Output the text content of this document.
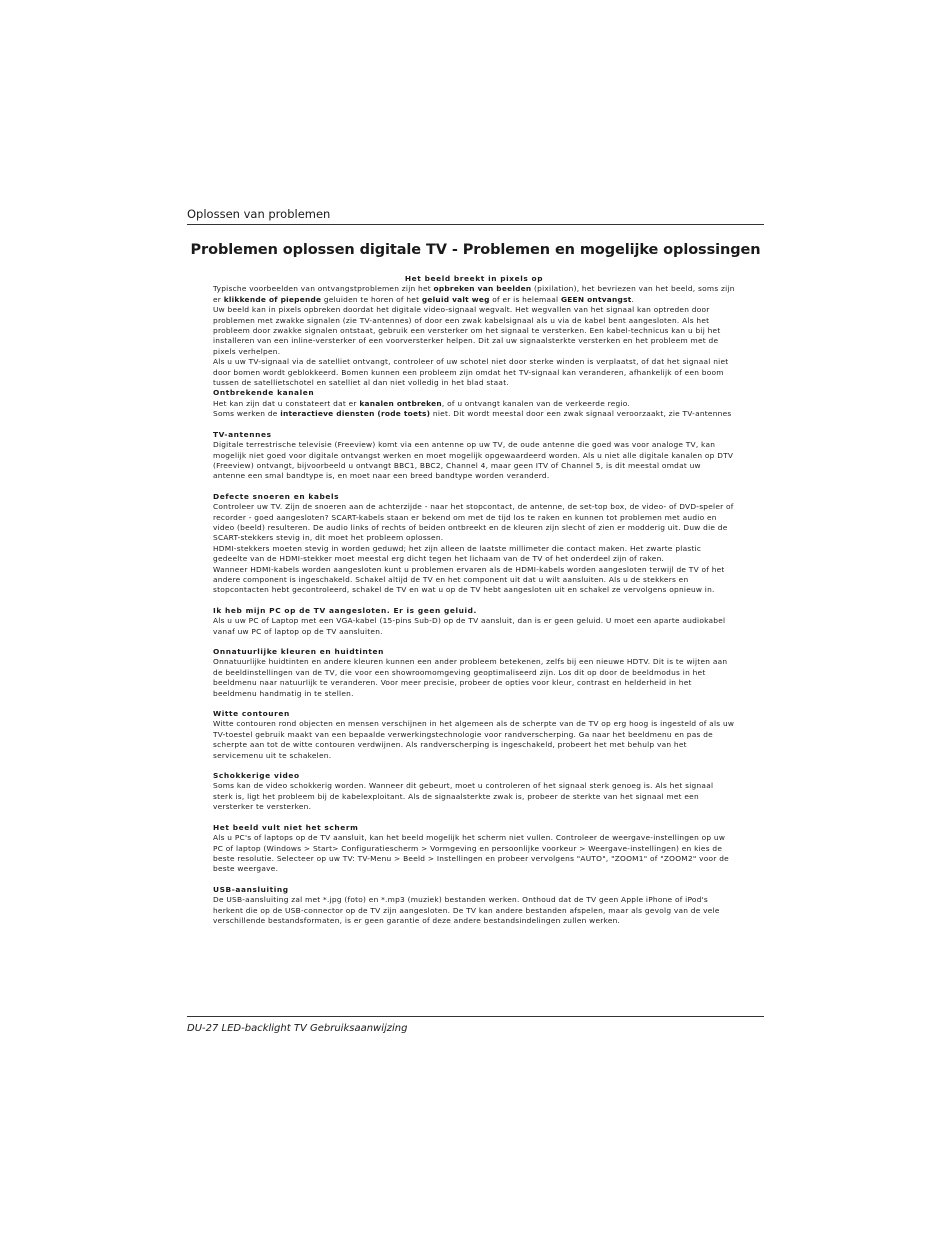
Oplossen van problemen
Problemen oplossen digitale TV - Problemen en mogelijke oplossingen
Het beeld breekt in pixels op

Typische voorbeelden van ontvangstproblemen zijn het opbreken van beelden (pixilation), het bevriezen van het beeld, soms zijn er klikkende of piepende geluiden te horen of het geluid valt weg of er is helemaal GEEN ontvangst.

Uw beeld kan in pixels opbreken doordat het digitale video-signaal wegvalt. Het wegvallen van het signaal kan optreden door problemen met zwakke signalen (zie TV-antennes) of door een zwak kabelsignaal als u via de kabel bent aangesloten. Als het probleem door zwakke signalen ontstaat, gebruik een versterker om het signaal te versterken. Een kabel-technicus kan u bij het installeren van een inline-versterker of een voorversterker helpen. Dit zal uw signaalsterkte versterken en het probleem met de pixels verhelpen.

Als u uw TV-signaal via de satelliet ontvangt, controleer of uw schotel niet door sterke winden is verplaatst, of dat het signaal niet door bomen wordt geblokkeerd. Bomen kunnen een probleem zijn omdat het TV-signaal kan veranderen, afhankelijk of een boom tussen de satellietschotel en satelliet al dan niet volledig in het blad staat.

Ontbrekende kanalen

Het kan zijn dat u constateert dat er kanalen ontbreken, of u ontvangt kanalen van de verkeerde regio.

Soms werken de interactieve diensten (rode toets) niet. Dit wordt meestal door een zwak signaal veroorzaakt, zie TV-antennes

TV-antennes

Digitale terrestrische televisie (Freeview) komt via een antenne op uw TV, de oude antenne die goed was voor analoge TV, kan mogelijk niet goed voor digitale ontvangst werken en moet mogelijk opgewaardeerd worden. Als u niet alle digitale kanalen op DTV (Freeview) ontvangt, bijvoorbeeld u ontvangt BBC1, BBC2, Channel 4, maar geen ITV of Channel 5, is dit meestal omdat uw antenne een smal bandtype is, en moet naar een breed bandtype worden veranderd.

Defecte snoeren en kabels

Controleer uw TV. Zijn de snoeren aan de achterzijde - naar het stopcontact, de antenne, de set-top box, de video- of DVD-speler of recorder - goed aangesloten? SCART-kabels staan er bekend om met de tijd los te raken en kunnen tot problemen met audio en video (beeld) resulteren. De audio links of rechts of beiden ontbreekt en de kleuren zijn slecht of zien er modderig uit. Duw die de SCART-stekkers stevig in, dit moet het probleem oplossen.

HDMI-stekkers moeten stevig in worden geduwd; het zijn alleen de laatste millimeter die contact maken. Het zwarte plastic gedeelte van de HDMI-stekker moet meestal erg dicht tegen het lichaam van de TV of het onderdeel zijn of raken.

Wanneer HDMI-kabels worden aangesloten kunt u problemen ervaren als de HDMI-kabels worden aangesloten terwijl de TV of het andere component is ingeschakeld. Schakel altijd de TV en het component uit dat u wilt aansluiten. Als u de stekkers en stopcontacten hebt gecontroleerd, schakel de TV en wat u op de TV hebt aangesloten uit en schakel ze vervolgens opnieuw in.

Ik heb mijn PC op de TV aangesloten. Er is geen geluid.

Als u uw PC of Laptop met een VGA-kabel (15-pins Sub-D) op de TV aansluit, dan is er geen geluid. U moet een aparte audiokabel vanaf uw PC of laptop op de TV aansluiten.

Onnatuurlijke kleuren en huidtinten

Onnatuurlijke huidtinten en andere kleuren kunnen een ander probleem betekenen, zelfs bij een nieuwe HDTV. Dit is te wijten aan de beeldinstellingen van de TV, die voor een showroomomgeving geoptimaliseerd zijn. Los dit op door de beeldmodus in het beeldmenu naar natuurlijk te veranderen. Voor meer precisie, probeer de opties voor kleur, contrast en helderheid in het beeldmenu handmatig in te stellen.

Witte contouren

Witte contouren rond objecten en mensen verschijnen in het algemeen als de scherpte van de TV op erg hoog is ingesteld of als uw TV-toestel gebruik maakt van een bepaalde verwerkingstechnologie voor randverscherping. Ga naar het beeldmenu en pas de scherpte aan tot de witte contouren verdwijnen. Als randverscherping is ingeschakeld, probeert het met behulp van het servicemenu uit te schakelen.

Schokkerige video

Soms kan de video schokkerig worden. Wanneer dit gebeurt, moet u controleren of het signaal sterk genoeg is. Als het signaal sterk is, ligt het probleem bij de kabelexploitant. Als de signaalsterkte zwak is, probeer de sterkte van het signaal met een versterker te versterken.

Het beeld vult niet het scherm

Als u PC's of laptops op de TV aansluit, kan het beeld mogelijk het scherm niet vullen. Controleer de weergave-instellingen op uw PC of laptop (Windows > Start> Configuratiescherm > Vormgeving en persoonlijke voorkeur > Weergave-instellingen) en kies de beste resolutie. Selecteer op uw TV: TV-Menu > Beeld > Instellingen en probeer vervolgens "AUTO", "ZOOM1" of "ZOOM2" voor de beste weergave.

USB-aansluiting

De USB-aansluiting zal met *.jpg (foto) en *.mp3 (muziek) bestanden werken. Onthoud dat de TV geen Apple iPhone of iPod's herkent die op de USB-connector op de TV zijn aangesloten. De TV kan andere bestanden afspelen, maar als gevolg van de vele verschillende bestandsformaten, is er geen garantie of deze andere bestandsindelingen zullen werken.

DU-27 LED-backlight TV Gebruiksaanwijzing
